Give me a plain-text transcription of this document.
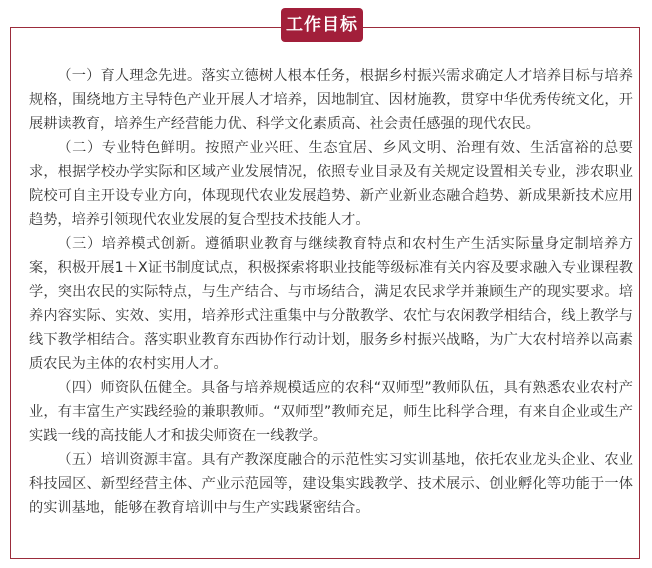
（一）育人理念先进。落实立德树人根本任务，根据乡村振兴需求确定人才培养目标与培养规格，围绕地方主导特色产业开展人才培养，因地制宜、因材施教，贯穿中华优秀传统文化，开展耕读教育，培养生产经营能力优、科学文化素质高、社会责任感强的现代农民。

（二）专业特色鲜明。按照产业兴旺、生态宜居、乡风文明、治理有效、生活富裕的总要求，根据学校办学实际和区域产业发展情况，依照专业目录及有关规定设置相关专业，涉农职业院校可自主开设专业方向，体现现代农业发展趋势、新产业新业态融合趋势、新成果新技术应用趋势，培养引领现代农业发展的复合型技术技能人才。

（三）培养模式创新。遵循职业教育与继续教育特点和农村生产生活实际量身定制培养方案，积极开展1＋X证书制度试点，积极探索将职业技能等级标准有关内容及要求融入专业课程教学，突出农民的实际特点，与生产结合、与市场结合，满足农民求学并兼顾生产的现实要求。培养内容实际、实效、实用，培养形式注重集中与分散教学、农忙与农闲教学相结合，线上教学与线下教学相结合。落实职业教育东西协作行动计划，服务乡村振兴战略，为广大农村培养以高素质农民为主体的农村实用人才。

（四）师资队伍健全。具备与培养规模适应的农科“双师型”教师队伍，具有熟悉农业农村产业，有丰富生产实践经验的兼职教师。“双师型”教师充足，师生比科学合理，有来自企业或生产实践一线的高技能人才和拔尖师资在一线教学。

（五）培训资源丰富。具有产教深度融合的示范性实习实训基地，依托农业龙头企业、农业科技园区、新型经营主体、产业示范园等，建设集实践教学、技术展示、创业孵化等功能于一体的实训基地，能够在教育培训中与生产实践紧密结合。

工作目标
